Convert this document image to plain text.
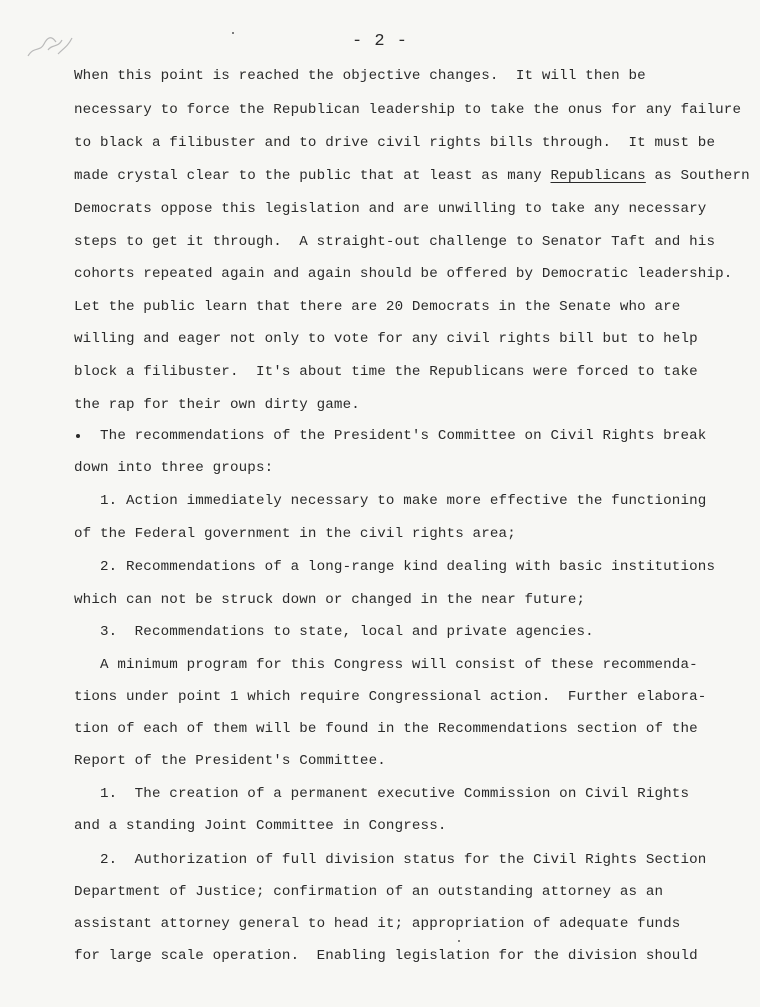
- 2 -
When this point is reached the objective changes.  It will then be
necessary to force the Republican leadership to take the onus for any failure
to black a filibuster and to drive civil rights bills through.  It must be
made crystal clear to the public that at least as many Republicans as Southern
Democrats oppose this legislation and are unwilling to take any necessary
steps to get it through.  A straight-out challenge to Senator Taft and his
cohorts repeated again and again should be offered by Democratic leadership.
Let the public learn that there are 20 Democrats in the Senate who are
willing and eager not only to vote for any civil rights bill but to help
block a filibuster.  It's about time the Republicans were forced to take
the rap for their own dirty game.
The recommendations of the President's Committee on Civil Rights break
down into three groups:
1. Action immediately necessary to make more effective the functioning
of the Federal government in the civil rights area;
2. Recommendations of a long-range kind dealing with basic institutions
which can not be struck down or changed in the near future;
3.  Recommendations to state, local and private agencies.
A minimum program for this Congress will consist of these recommenda-
tions under point 1 which require Congressional action.  Further elabora-
tion of each of them will be found in the Recommendations section of the
Report of the President's Committee.
1.  The creation of a permanent executive Commission on Civil Rights
and a standing Joint Committee in Congress.
2.  Authorization of full division status for the Civil Rights Section
Department of Justice; confirmation of an outstanding attorney as an
assistant attorney general to head it; appropriation of adequate funds
for large scale operation.  Enabling legislation for the division should
